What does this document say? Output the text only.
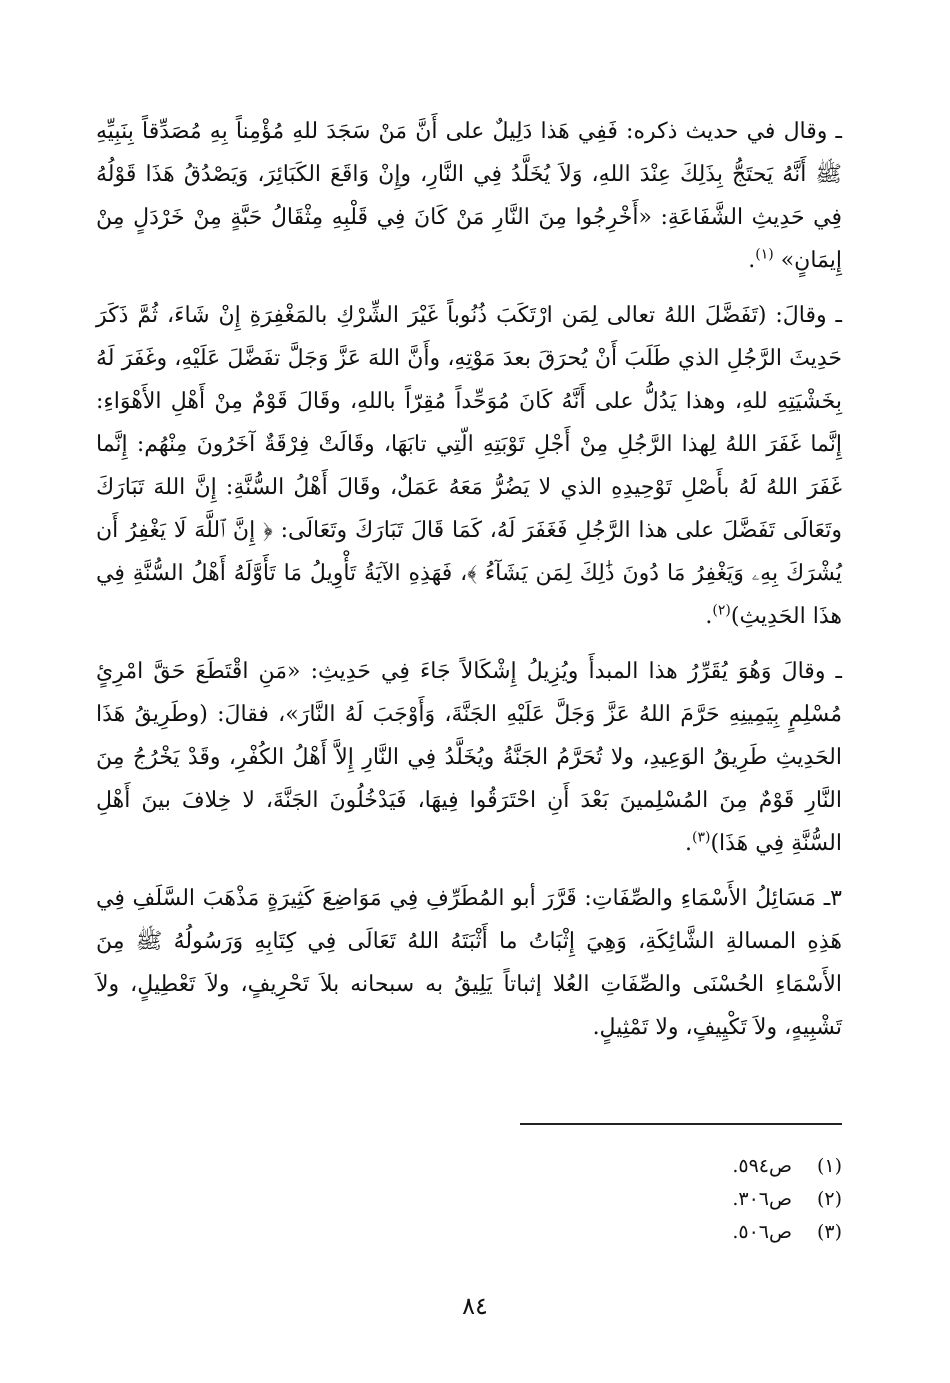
ـ وقال في حديث ذكره: فَفِي هَذا دَلِيلٌ على أَنَّ مَنْ سَجَدَ للهِ مُؤْمِناً بِهِ مُصَدِّقاً بِنَبِيِّهِ ﷺ أَنَّهُ يَحتَجُّ بِذَلِكَ عِنْدَ اللهِ، وَلاَ يُخَلَّدُ فِي النَّارِ، وإِنْ وَاقَعَ الكَبَائِرَ، وَيَصْدُقُ هَذَا قَوْلُهُ فِي حَدِيثِ الشَّفَاعَةِ: «أَخْرِجُوا مِنَ النَّارِ مَنْ كَانَ فِي قَلْبِهِ مِثْقَالُ حَبَّةٍ مِنْ خَرْدَلٍ مِنْ إِيمَانٍ» $^{(١)}$.

ـ وقالَ: (تَفَضَّلَ اللهُ تعالى لِمَن ارْتَكَبَ ذُنُوباً غَيْرَ الشِّرْكِ بالمَغْفِرَةِ إِنْ شَاءَ، ثُمَّ ذَكَرَ حَدِيثَ الرَّجُلِ الذي طَلَبَ أَنْ يُحرَقَ بعدَ مَوْتِهِ، وأَنَّ اللهَ عَزَّ وَجَلَّ تفَضَّلَ عَلَيْهِ، وغَفَرَ لَهُ بِخَشْيَتِهِ للهِ، وهذا يَدُلُّ على أَنَّهُ كَانَ مُوَحِّداً مُقِرّاً باللهِ، وقَالَ قَوْمٌ مِنْ أَهْلِ الأَهْوَاءِ: إِنَّما غَفَرَ اللهُ لِهذا الرَّجُلِ مِنْ أَجْلِ تَوْبَتِهِ الّتِي تابَهَا، وقَالَتْ فِرْقَةٌ آخَرُونَ مِنْهُم: إِنَّما غَفَرَ اللهُ لَهُ بأَصْلِ تَوْحِيدِهِ الذي لا يَضُرُّ مَعَهُ عَمَلٌ، وقَالَ أَهْلُ السُّنَّةِ: إِنَّ اللهَ تَبَارَكَ وتَعَالَى تَفَضَّلَ على هذا الرَّجُلِ فَغَفَرَ لَهُ، كَمَا قَالَ تَبَارَكَ وتَعَالَى: ﴿ إِنَّ ٱللَّهَ لَا يَغْفِرُ أَن يُشْرَكَ بِهِۦ وَيَغْفِرُ مَا دُونَ ذَٰلِكَ لِمَن يَشَآءُ ﴾، فَهَذِهِ الآيَةُ تَأْوِيلُ مَا تَأَوَّلَهُ أَهْلُ السُّنَّةِ فِي هذَا الحَدِيثِ)$^{(٢)}$.

ـ وقالَ وَهُوَ يُقَرِّرُ هذا المبدأَ ويُزِيلُ إِشْكَالاً جَاءَ فِي حَدِيثِ: «مَنِ اقْتَطَعَ حَقَّ امْرِئٍ مُسْلِمٍ بِيَمِينِهِ حَرَّمَ اللهُ عَزَّ وَجَلَّ عَلَيْهِ الجَنَّةَ، وَأَوْجَبَ لَهُ النَّارَ»، فقالَ: (وطَرِيقُ هَذَا الحَدِيثِ طَرِيقُ الوَعِيدِ، ولا تُحَرَّمُ الجَنَّةُ ويُخَلَّدُ فِي النَّارِ إِلاَّ أَهْلُ الكُفْرِ، وقَدْ يَخْرُجُ مِنَ النَّارِ قَوْمٌ مِنَ المُسْلِمينَ بَعْدَ أَنِ احْتَرَقُوا فِيهَا، فَيَدْخُلُونَ الجَنَّةَ، لا خِلافَ بينَ أَهْلِ السُّنَّةِ فِي هَذَا)$^{(٣)}$.

٣ـ مَسَائِلُ الأَسْمَاءِ والصِّفَاتِ: قَرَّرَ أبو المُطَرِّفِ فِي مَوَاضِعَ كَثِيرَةٍ مَذْهَبَ السَّلَفِ فِي هَذِهِ المسالةِ الشَّائِكَةِ، وَهِيَ إِثْبَاتُ ما أَثْبَتَهُ اللهُ تَعَالَى فِي كِتَابِهِ وَرَسُولُهُ ﷺ مِنَ الأَسْمَاءِ الحُسْنَى والصِّفَاتِ العُلا إثباتاً يَلِيقُ به سبحانه بلاَ تَحْرِيفٍ، ولاَ تَعْطِيلٍ، ولاَ تَشْبِيهٍ، ولاَ تَكْيِيفٍ، ولا تَمْثِيلٍ.

(١)ص٥٩٤.
(٢)ص٣٠٦.
(٣)ص٥٠٦.
٨٤
